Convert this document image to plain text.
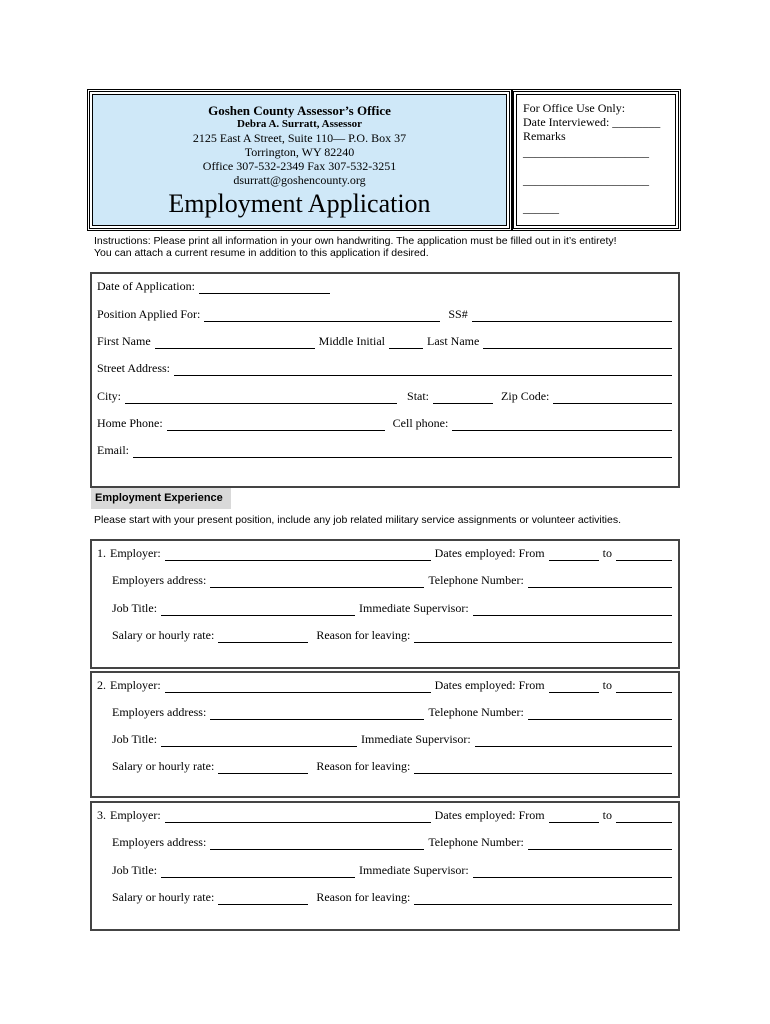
Goshen County Assessor’s Office
Debra A. Surratt, Assessor
2125 East A Street, Suite 110— P.O. Box 37
Torrington, WY 82240
Office 307-532-2349 Fax 307-532-3251
dsurratt@goshencounty.org
Employment Application
For Office Use Only:
Date Interviewed: ________
Remarks
_____________________
_____________________
______
Instructions: Please print all information in your own handwriting. The application must be filled out in it’s entirety!
You can attach a current resume in addition to this application if desired.
Date of Application:
Position Applied For:	SS#
First Name	Middle Initial	Last Name
Street Address:
City:	Stat:	Zip Code:
Home Phone:	Cell phone:
Email:
Employment Experience
Please start with your present position, include any job related military service assignments or volunteer activities.
1. Employer:	Dates employed: From	to
Employers address:	Telephone Number:
Job Title:	Immediate Supervisor:
Salary or hourly rate:	Reason for leaving:
2. Employer:	Dates employed: From	to
Employers address:	Telephone Number:
Job Title:	Immediate Supervisor:
Salary or hourly rate:	Reason for leaving:
3. Employer:	Dates employed: From	to
Employers address:	Telephone Number:
Job Title:	Immediate Supervisor:
Salary or hourly rate:	Reason for leaving:
